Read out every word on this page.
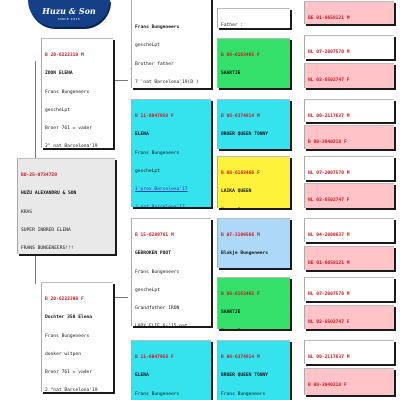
Huzu & Son
SINCE 2015

Frans Bungeneers

gescheLpt

Brother father

7 'nat Barcelona'19(D )

Father :

B 08-6163465 F

SAARTJE

B 11-6047958 F

ELENA

Frans Bungeneers

gescheLpt

1'prov Barcelona'17

B 06-6374814 M

BROER QUEEN TONNY

B 08-6163466 F

LAIKA QUEEN

B 15-6289761 M

GEBROKEN POOT

Frans Bungeneers

gescheLpt

Grandfather IRON

B 07-3109566 M

Blokje Bungeneers

B 08-6163465 F

SAARTJE

B 11-6047958 F

ELENA

Frans Bungeneers

B 06-6374814 M

BROER QUEEN TONNY

Frans Bungeneers

B 20-6222319 M

ZOON ELENA

Frans Bungeneers

gescheLpt

Broer 761 = vader

2" nat Barcelona'19

BO-25-0734729

HUZU ALEXANDRU & SON

KRAS

SUPER INBRED ELENA

FRANS BUNGENEERS!!!

B 20-6222398 F

Dochter 350 Elena

Frans Bungeneers

donker witpen

Broer 761 = vader

2 "nat Barcelona'19

BE 01-6658121 M

NL 07-2007570 M

NL 02-6502747 F

NL 00-2117637 M

B 00-3040218 F

NL 07-2007570 M

NL 02-6502747 F

NL 04-2000637 M

BE 01-6658121 M

NL 07-2007570 M

NL 02-6502747 F

NL 00-2117637 M

B 00-3040218 F
